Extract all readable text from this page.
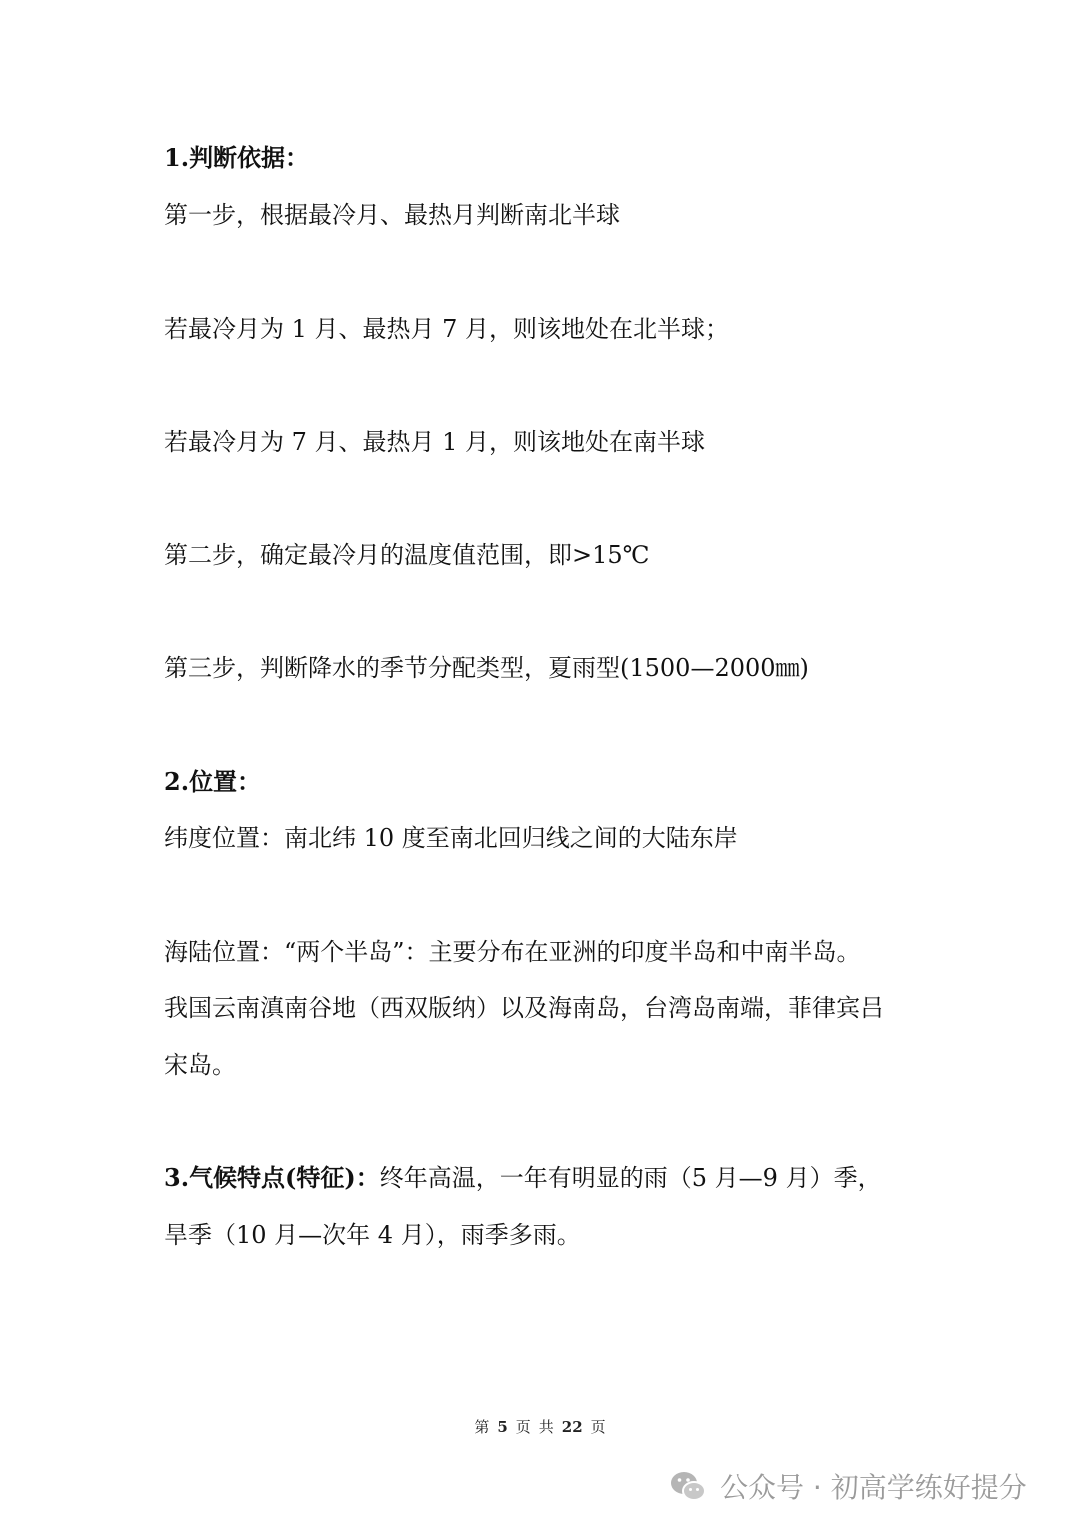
1.判断依据：

第一步，根据最冷月、最热月判断南北半球

若最冷月为 1 月、最热月 7 月，则该地处在北半球；

若最冷月为 7 月、最热月 1 月，则该地处在南半球

第二步，确定最冷月的温度值范围，即>15℃

第三步，判断降水的季节分配类型，夏雨型(1500—2000㎜)

2.位置：

纬度位置：南北纬 10 度至南北回归线之间的大陆东岸

海陆位置：“两个半岛”：主要分布在亚洲的印度半岛和中南半岛。

我国云南滇南谷地（西双版纳）以及海南岛，台湾岛南端，菲律宾吕

宋岛。

3.气候特点(特征)：终年高温，一年有明显的雨（5 月—9 月）季，

旱季（10 月—次年 4 月），雨季多雨。

第 5 页 共 22 页
公众号 · 初高学练好提分
